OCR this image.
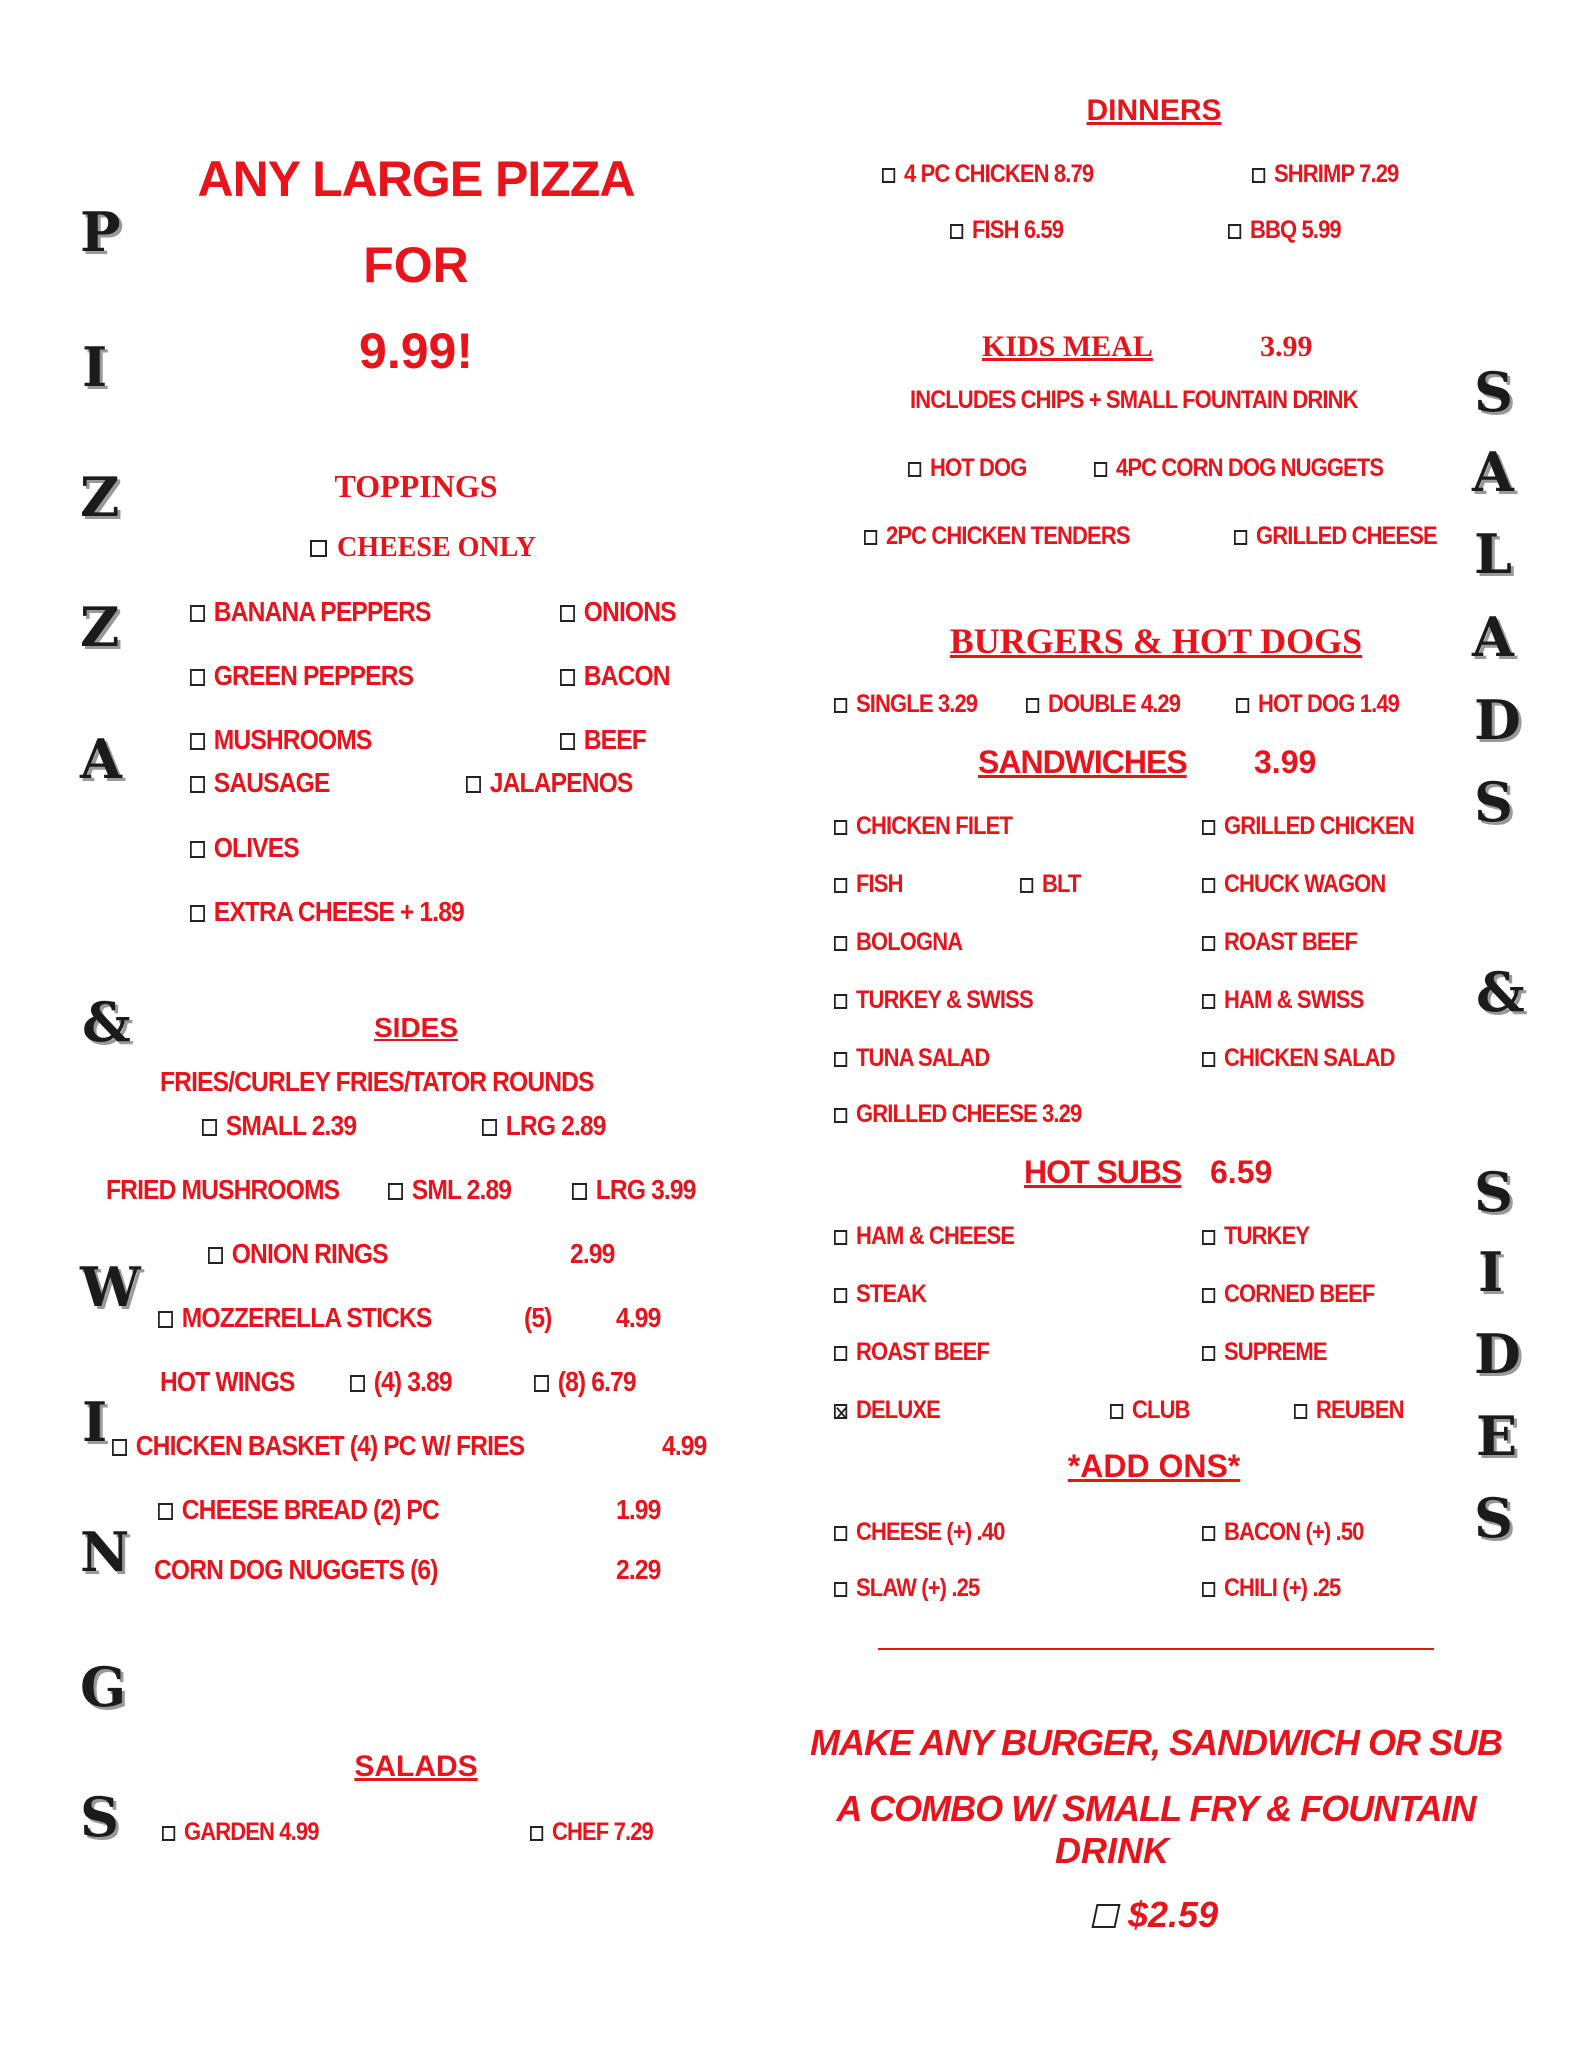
P
I
Z
Z
A
&
W
I
N
G
S
S
A
L
A
D
S
&
S
I
D
E
S
ANY LARGE PIZZA
FOR
9.99!
TOPPINGS
CHEESE ONLY
BANANA PEPPERS	ONIONS
GREEN PEPPERS	BACON
MUSHROOMS	BEEF
SAUSAGE	JALAPENOS
OLIVES
EXTRA CHEESE + 1.89
SIDES
FRIES/CURLEY FRIES/TATOR ROUNDS
SMALL 2.39	LRG 2.89
FRIED MUSHROOMS	SML 2.89	LRG 3.99
ONION RINGS	2.99
MOZZERELLA STICKS	(5) 4.99
HOT WINGS	(4) 3.89	(8) 6.79
CHICKEN BASKET (4) PC W/ FRIES	4.99
CHEESE BREAD (2) PC	1.99
CORN DOG NUGGETS (6)	2.29
SALADS
GARDEN 4.99	CHEF 7.29
DINNERS
4 PC CHICKEN 8.79	SHRIMP 7.29
FISH 6.59	BBQ 5.99
KIDS MEAL	3.99
INCLUDES CHIPS + SMALL FOUNTAIN DRINK
HOT DOG	4PC CORN DOG NUGGETS
2PC CHICKEN TENDERS	GRILLED CHEESE
BURGERS & HOT DOGS
SINGLE 3.29	DOUBLE 4.29	HOT DOG 1.49
SANDWICHES 3.99
CHICKEN FILET	GRILLED CHICKEN
FISH	BLT	CHUCK WAGON
BOLOGNA	ROAST BEEF
TURKEY & SWISS	HAM & SWISS
TUNA SALAD	CHICKEN SALAD
GRILLED CHEESE 3.29
HOT SUBS 6.59
HAM & CHEESE	TURKEY
STEAK	CORNED BEEF
ROAST BEEF	SUPREME
DELUXE	CLUB	REUBEN
*ADD ONS*
CHEESE (+) .40	BACON (+) .50
SLAW (+) .25	CHILI (+) .25
MAKE ANY BURGER, SANDWICH OR SUB
A COMBO W/ SMALL FRY & FOUNTAIN
DRINK
$2.59
